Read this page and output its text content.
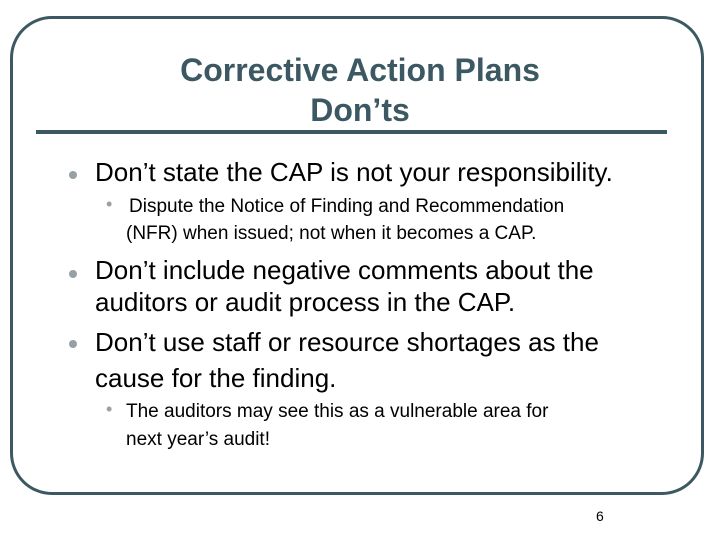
Corrective Action Plans
Don’ts
Don’t state the CAP is not your responsibility.
• Dispute the Notice of Finding and Recommendation
(NFR) when issued; not when it becomes a CAP.
Don’t include negative comments about the
auditors or audit process in the CAP.
Don’t use staff or resource shortages as the
cause for the finding.
• The auditors may see this as a vulnerable area for
next year’s audit!
6
